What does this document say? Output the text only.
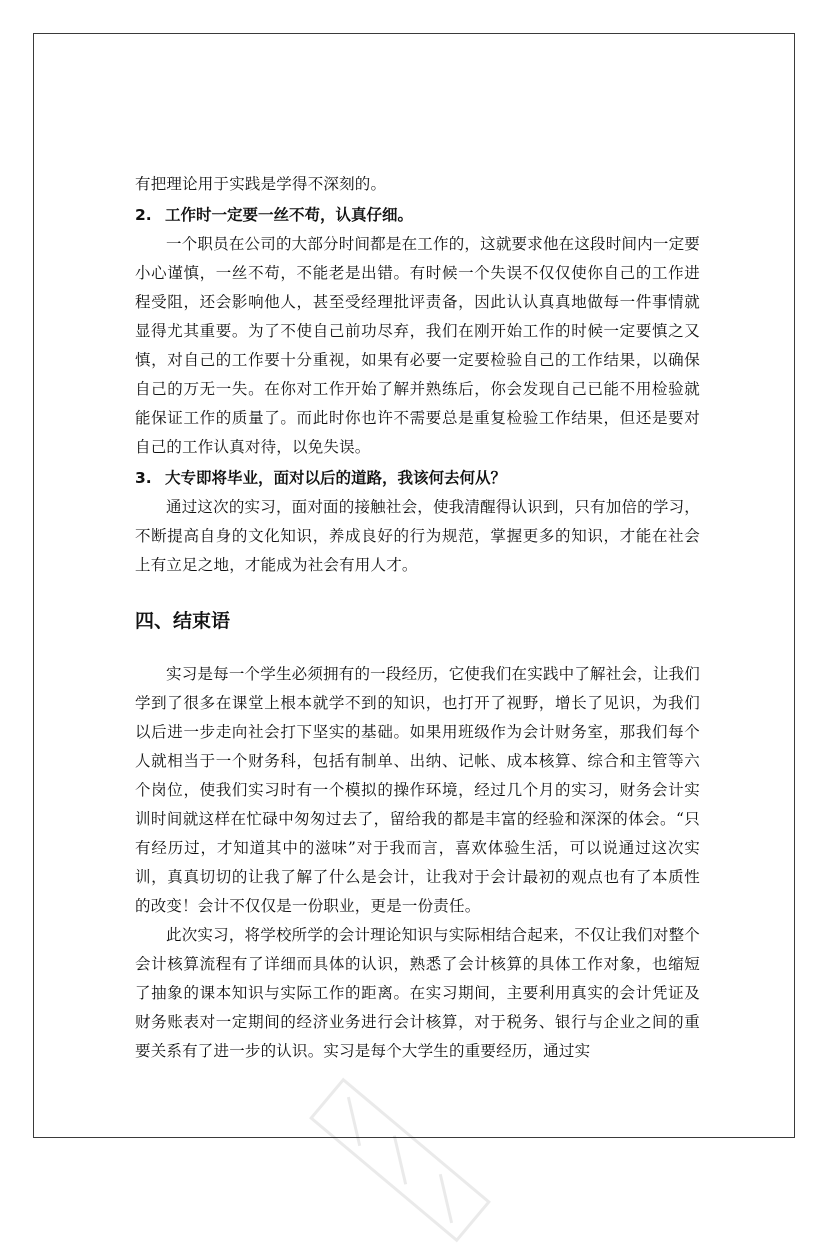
有把理论用于实践是学得不深刻的。

2. 工作时一定要一丝不苟，认真仔细。

一个职员在公司的大部分时间都是在工作的，这就要求他在这段时间内一定要小心谨慎，一丝不苟，不能老是出错。有时候一个失误不仅仅使你自己的工作进程受阻，还会影响他人，甚至受经理批评责备，因此认认真真地做每一件事情就显得尤其重要。为了不使自己前功尽弃，我们在刚开始工作的时候一定要慎之又慎，对自己的工作要十分重视，如果有必要一定要检验自己的工作结果，以确保自己的万无一失。在你对工作开始了解并熟练后，你会发现自己已能不用检验就能保证工作的质量了。而此时你也许不需要总是重复检验工作结果，但还是要对自己的工作认真对待，以免失误。

3. 大专即将毕业，面对以后的道路，我该何去何从？

通过这次的实习，面对面的接触社会，使我清醒得认识到，只有加倍的学习，不断提高自身的文化知识，养成良好的行为规范，掌握更多的知识，才能在社会上有立足之地，才能成为社会有用人才。

四、结束语

实习是每一个学生必须拥有的一段经历，它使我们在实践中了解社会，让我们学到了很多在课堂上根本就学不到的知识，也打开了视野，增长了见识，为我们以后进一步走向社会打下坚实的基础。如果用班级作为会计财务室，那我们每个人就相当于一个财务科，包括有制单、出纳、记帐、成本核算、综合和主管等六个岗位，使我们实习时有一个模拟的操作环境，经过几个月的实习，财务会计实训时间就这样在忙碌中匆匆过去了，留给我的都是丰富的经验和深深的体会。“只有经历过，才知道其中的滋味”对于我而言，喜欢体验生活，可以说通过这次实训，真真切切的让我了解了什么是会计，让我对于会计最初的观点也有了本质性的改变！会计不仅仅是一份职业，更是一份责任。

此次实习，将学校所学的会计理论知识与实际相结合起来，不仅让我们对整个会计核算流程有了详细而具体的认识，熟悉了会计核算的具体工作对象，也缩短了抽象的课本知识与实际工作的距离。在实习期间，主要利用真实的会计凭证及财务账表对一定期间的经济业务进行会计核算，对于税务、银行与企业之间的重要关系有了进一步的认识。实习是每个大学生的重要经历，通过实
